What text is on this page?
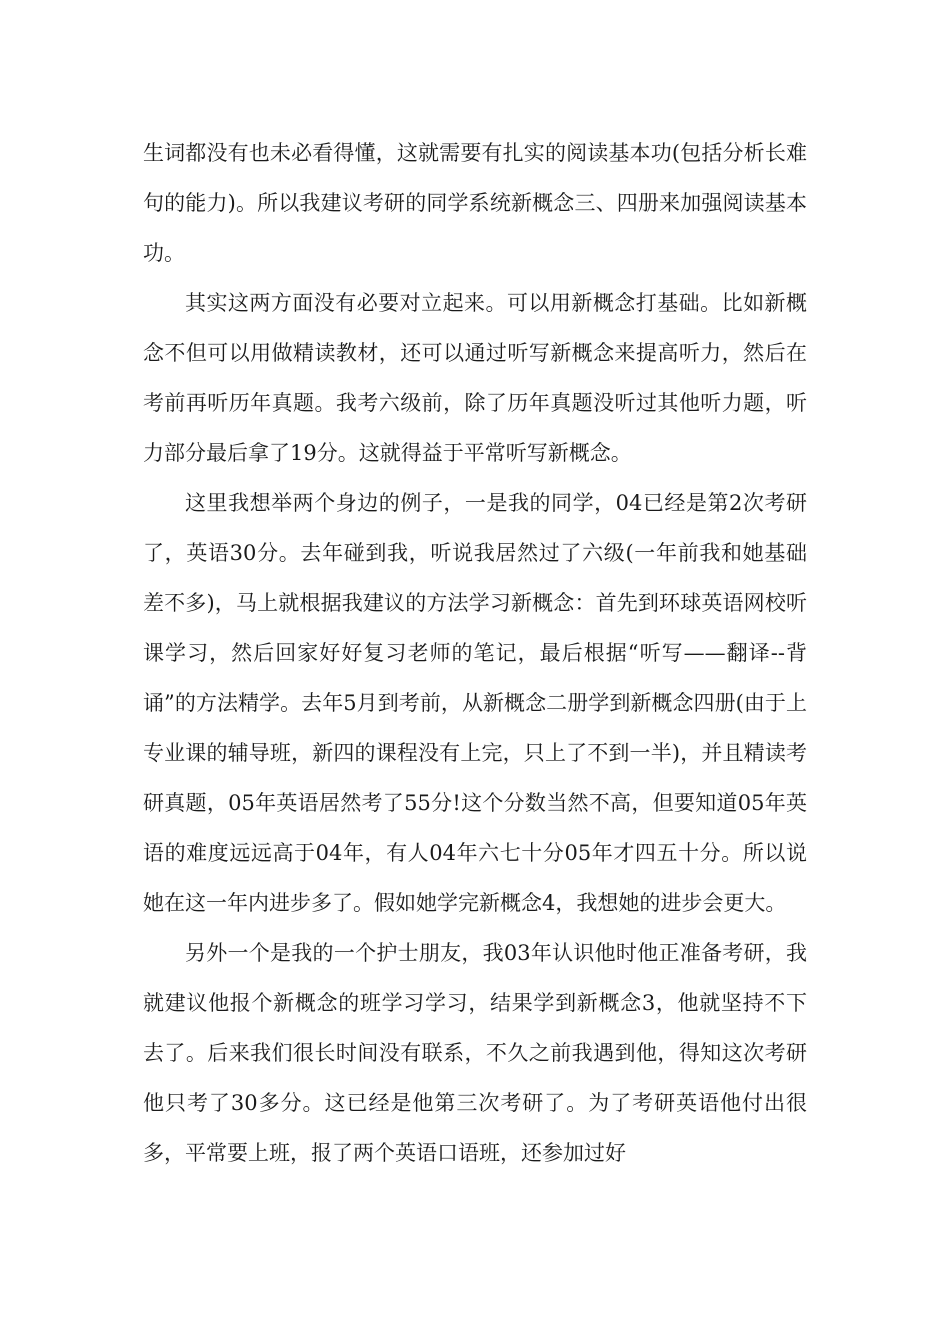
生词都没有也未必看得懂，这就需要有扎实的阅读基本功(包括分析长难句的能力)。所以我建议考研的同学系统新概念三、四册来加强阅读基本功。

其实这两方面没有必要对立起来。可以用新概念打基础。比如新概念不但可以用做精读教材，还可以通过听写新概念来提高听力，然后在考前再听历年真题。我考六级前，除了历年真题没听过其他听力题，听力部分最后拿了19分。这就得益于平常听写新概念。

这里我想举两个身边的例子，一是我的同学，04已经是第2次考研了，英语30分。去年碰到我，听说我居然过了六级(一年前我和她基础差不多)，马上就根据我建议的方法学习新概念：首先到环球英语网校听课学习，然后回家好好复习老师的笔记，最后根据“听写——翻译--背诵”的方法精学。去年5月到考前，从新概念二册学到新概念四册(由于上专业课的辅导班，新四的课程没有上完，只上了不到一半)，并且精读考研真题，05年英语居然考了55分!这个分数当然不高，但要知道05年英语的难度远远高于04年，有人04年六七十分05年才四五十分。所以说她在这一年内进步多了。假如她学完新概念4，我想她的进步会更大。

另外一个是我的一个护士朋友，我03年认识他时他正准备考研，我就建议他报个新概念的班学习学习，结果学到新概念3，他就坚持不下去了。后来我们很长时间没有联系，不久之前我遇到他，得知这次考研他只考了30多分。这已经是他第三次考研了。为了考研英语他付出很多，平常要上班，报了两个英语口语班，还参加过好
